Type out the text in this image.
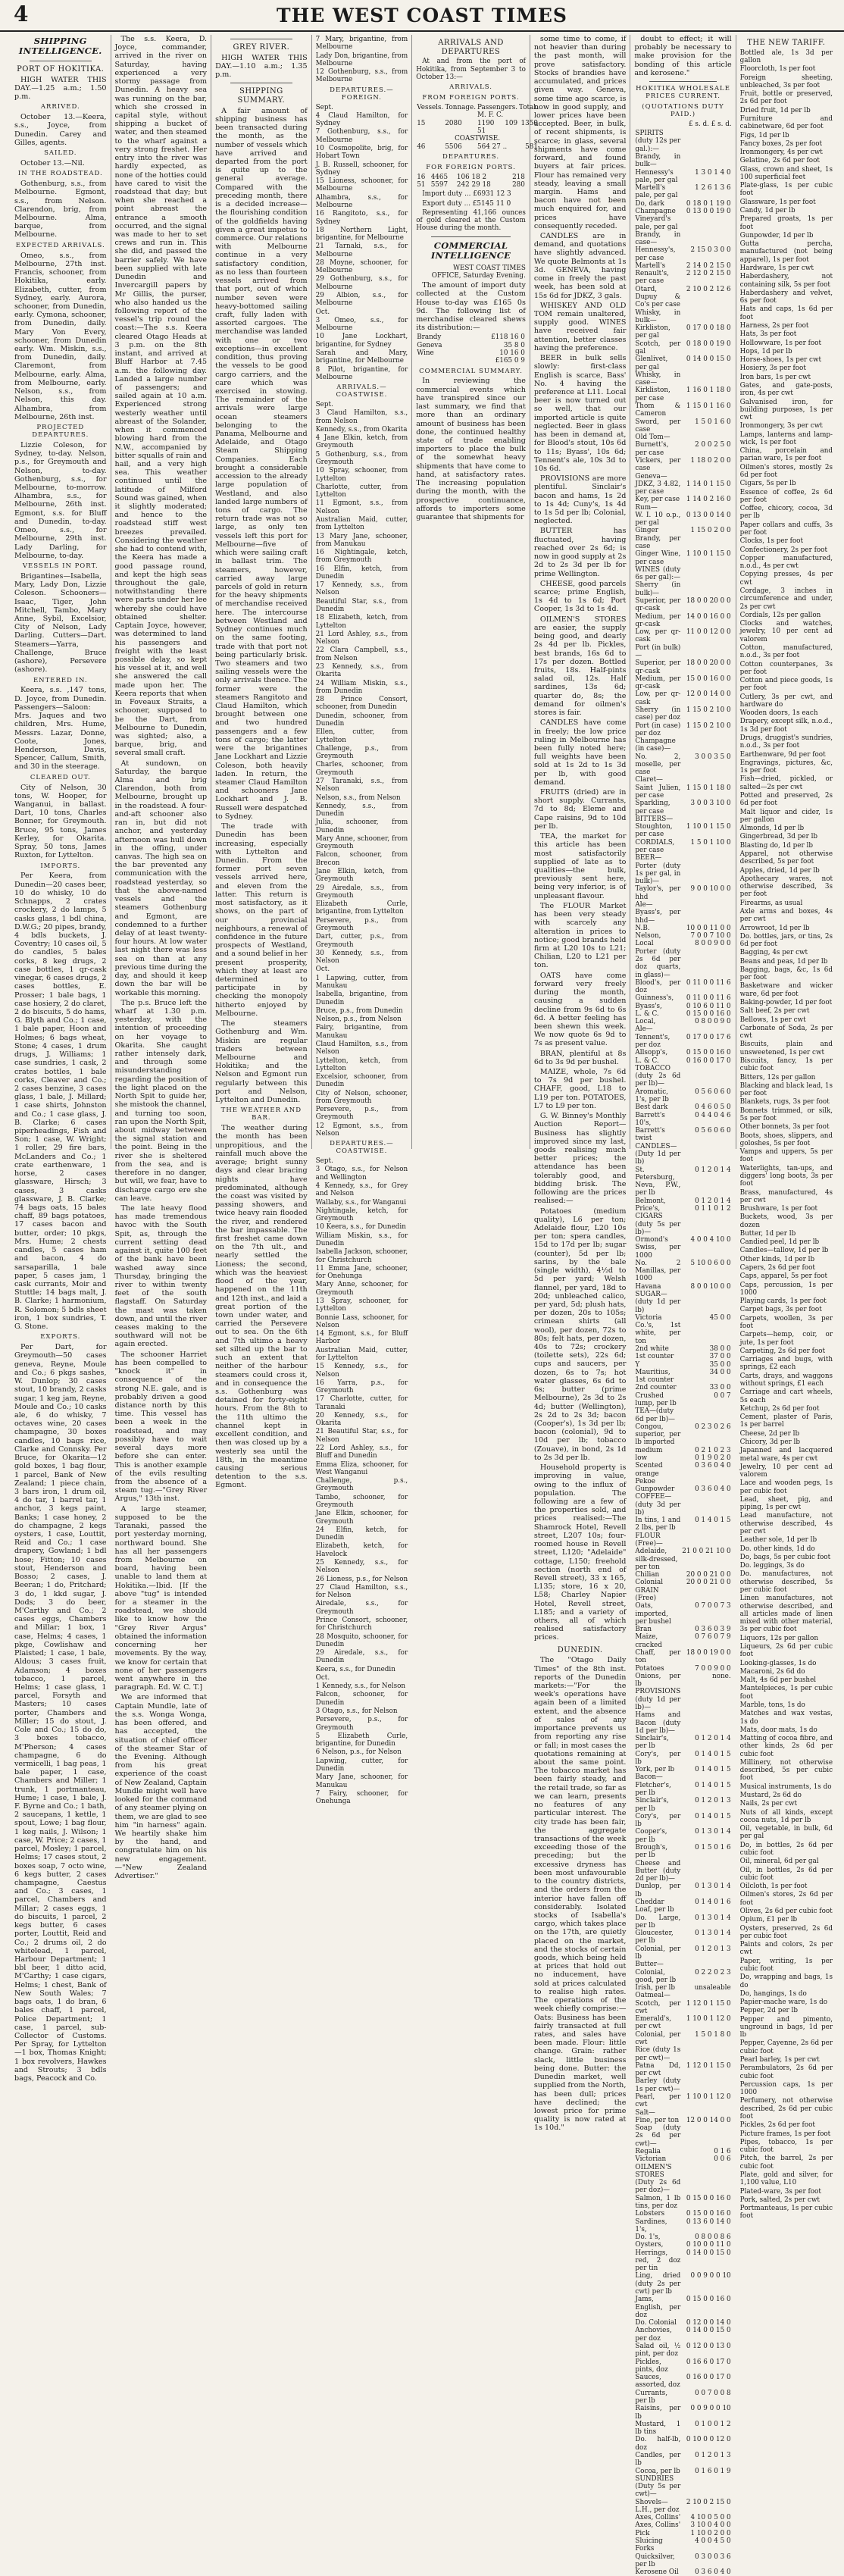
4	THE WEST COAST TIMES
SHIPPING INTELLIGENCE.
PORT OF HOKITIKA.

HIGH WATER THIS DAY.—1.25 a.m.; 1.50 p.m.

ARRIVED.

October 13.—Keera, s.s., Joyce, from Dunedin. Carey and Gilles, agents.

SAILED.

October 13.—Nil.

IN THE ROADSTEAD.

Gothenburg, s.s., from Melbourne. Egmont, s.s., from Nelson. Clarendon, brig, from Melbourne. Alma, barque, from Melbourne.

EXPECTED ARRIVALS.

Omeo, s.s., from Melbourne, 27th inst. Francis, schooner, from Hokitika, early. Elizabeth, cutter, from Sydney, early. Aurora, schooner, from Dunedin, early. Cymona, schooner, from Dunedin, daily. Mary Von Every, schooner, from Dunedin early. Wm. Miskin, s.s., from Dunedin, daily. Claremont, from Melbourne, early. Alma, from Melbourne, early. Nelson, s.s., from Nelson, this day. Alhambra, from Melbourne, 26th inst.

PROJECTED DEPARTURES.

Lizzie Coleson, for Sydney, to-day. Nelson, p.s., for Greymouth and Nelson, to-day. Gothenburg, s.s., for Melbourne, to-morrow. Alhambra, s.s., for Melbourne, 26th inst. Egmont, s.s. for Bluff and Dunedin, to-day. Omeo, s.s., for Melbourne, 29th inst. Lady Darling, for Melbourne, to-day.

VESSELS IN PORT.

Brigantines—Isabella, Mary, Lady Don, Lizzie Coleson. Schooners—Isaac, Tiger, John Mitchell, Tambo, Mary Anne, Sybil, Excelsior, City of Nelson, Lady Darling. Cutters—Dart. Steamers—Yarra, Challenge, Bruce (ashore), Persevere (ashore).

ENTERED IN.

Keera, s.s. ,147 tons, D. Joyce, from Dunedin. Passengers—Saloon: Mrs. Jaques and two children, Mrs. Hume, Messrs. Lazar, Donne, Coote, Jones, Henderson, Davis, Spencer, Callum, Smith, and 30 in the steerage.

CLEARED OUT.

City of Nelson, 30 tons, W. Hooper, for Wanganui, in ballast. Dart, 10 tons, Charles Bonner, for Greymouth. Bruce, 95 tons, James Kerley, for Okarita. Spray, 50 tons, James Ruxton, for Lyttelton.

IMPORTS.

Per Keera, from Dunedin—20 cases beer, 10 do whisky, 10 do Schnapps, 2 crates crockery, 2 do lamps, 5 casks glass, 1 bdl china, D.W.G.; 20 pipes, brandy, 4 bdls buckets, J. Coventry; 10 cases oil, 5 do candles, 5 bales corks, 8 keg drugs, 2 case bottles, 1 qr-cask vinegar, 6 cases drugs, 2 cases bottles, E. Prosser; 1 bale bags, 1 case hosiery, 2 do claret, 2 do biscuits, 5 do hams, G. Blyth and Co.; 1 case, 1 bale paper, Hoon and Holmes; 6 bags wheat, Stone; 4 cases, 1 drum drugs, J. Williams; 1 case sundries, 1 cask, 2 crates bottles, 1 bale corks, Cleaver and Co.; 2 cases benzine, 3 cases glass, 1 bale, J. Millard; 1 case shirts, Johnston and Co.; 1 case glass, J. B. Clarke; 6 cases piperheadings, Fish and Son; 1 case, W. Wright; 1 roller, 29 fire bars, McLanders and Co.; 1 crate earthenware, 1 horse, 2 cases glassware, Hirsch; 3 cases, 3 casks glassware, J. B. Clarke; 74 bags oats, 15 bales chaff, 89 bags potatoes, 17 cases bacon and butter, order; 10 pkgs, Mrs. Hume; 2 chests candles, 5 cases ham and bacon, 4 do sarsaparilla, 1 bale paper, 5 cases jam, 1 cask currants, Moir and Stuttle; 14 bags malt, J. B. Clarke; 1 harmonium, R. Solomon; 5 bdls sheet iron, 1 box sundries, T. G. Stone.

EXPORTS.

Per Dart, for Greymouth—50 cases geneva, Reyne, Moule and Co.; 6 pkgs sashes, W. Dunlop; 30 cases stout, 10 brandy, 2 casks sugar, 1 keg jam, Reyne, Moule and Co.; 10 casks ale, 6 do whisky, 7 octaves wine, 20 cases champagne, 30 boxes candles, 10 bags rice, Clarke and Connsky. Per Bruce, for Okarita—12 gold boxes, 1 bag flour, 1 parcel, Bank of New Zealand; 1 piece chain, 3 bars iron, 1 drum oil, 4 do tar, 1 barrel tar, 1 anchor, 3 kegs paint, Banks; 1 case honey, 2 do champagne, 2 kegs oysters, 1 case, Louttit, Reid and Co.; 1 case drapery, Gowland; 1 bdl hose; Fitton; 10 cases stout, Henderson and Bosso; 2 cases, J. Beeran; 1 do, Pritchard; 3 do, 1 kkd sugar, J. Dods; 3 do beer, M'Carthy and Co.; 2 cases eggs, Chambers and Millar; 1 box, 1 case, Helms; 4 cases, 1 pkge, Cowlishaw and Plaisted; 1 case, 1 bale, Aldous; 3 cases fruit, Adamson; 4 boxes tobacco, 1 parcel, Helms; 1 case glass, 1 parcel, Forsyth and Masters; 10 cases porter, Chambers and Miller; 15 do stout, J. Cole and Co.; 15 do do, 3 boxes tobacco, M'Pherson; 4 cases champagne, 6 do vermicelli, 1 bag peas, 1 bale paper, 1 case, Chambers and Miller; 1 trunk, 1 portmanteau, Hume; 1 case, 1 bale, J. F. Byrne and Co.; 1 bath, 2 saucepans, 1 kettle, 1 spout, Lowe; 1 bag flour, 1 keg nails, J. Wilson; 1 case, W. Price; 2 cases, 1 parcel, Mosley; 1 parcel, Helms; 17 cases stout, 2 boxes soap, 7 octo wine, 6 kegs butter, 2 cases champagne, Caestus and Co.; 3 cases, 1 parcel, Chambers and Millar; 2 cases eggs, 1 do biscuits, 1 parcel, 2 kegs butter, 6 cases porter, Louttit, Reid and Co.; 2 drums oil, 2 do whitelead, 1 parcel, Harbour Department; 1 bbl beer, 1 ditto acid, M'Carthy; 1 case cigars, Helms; 1 chest, Bank of New South Wales; 7 bags oats, 1 do bran, 6 bales chaff, 1 parcel, Police Department; 1 case, 1 parcel, sub-Collector of Customs. Per Spray, for Lyttelton—1 box, Thomas Knight; 1 box revolvers, Hawkes and Strouts; 3 bdls bags, Peacock and Co.

The s.s. Keera, D. Joyce, commander, arrived in the river on Saturday, having experienced a very stormy passage from Dunedin. A heavy sea was running on the bar, which she crossed in capital style, without shipping a bucket of water, and then steamed to the wharf against a very strong freshet. Her entry into the river was hardly expected, as none of the hotties could have cared to visit the roadstead that day; but when she reached a point abreast the entrance a smooth occurred, and the signal was made to her to set crews and run in. This she did, and passed the barrier safely. We have been supplied with late Dunedin and Invercargill papers by Mr Gillis, the purser, who also handed us the following report of the vessel's trip round the coast:—The s.s. Keera cleared Otago Heads at 3 p.m. on the 8th instant, and arrived at Bluff Harbor at 7.45 a.m. the following day. Landed a large number of passengers; and sailed again at 10 a.m. Experienced strong westerly weather until abreast of the Solander, when it commenced blowing hard from the N.W., accompanied by bitter squalls of rain and hail, and a very high sea. This weather continued until the latitude of Milford Sound was gained, when it slightly moderated; and hence to the roadstead stiff west breezes prevailed. Considering the weather she had to contend with, the Keera has made a good passage round, and kept the high seas throughout the gale, notwithstanding there were parts under her lee whereby she could have obtained shelter. Captain Joyce, however, was determined to land his passengers and freight with the least possible delay, so kept his vessel at it, and well she answered the call made upon her. The Keera reports that when in Foveaux Straits, a schooner, supposed to be the Dart, from Melbourne to Dunedin, was sighted; also, a barque, brig, and several small craft.

At sundown, on Saturday, the barque Alma and brig Clarendon, both from Melbourne, brought up in the roadstead. A four-and-aft schooner also ran in, but did not anchor, and yesterday afternoon was hull down in the offing, under canvas. The high sea on the bar prevented any communication with the roadstead yesterday, so that the above-named vessels and the steamers Gothenburg and Egmont, are condemned to a further delay of at least twenty-four hours. At low water last night there was less sea on than at any previous time during the day, and should it keep down the bar will be workable this morning.

The p.s. Bruce left the wharf at 1.30 p.m. yesterday, with the intention of proceeding on her voyage to Okarita. She caught rather intensely dark, and through some misunderstanding regarding the position of the light placed on the North Spit to guide her, she mistook the channel, and turning too soon, ran upon the North Spit, about midway between the signal station and the point. Being in the river she is sheltered from the sea, and is therefore in no danger, but will, we fear, have to discharge cargo ere she can leave.

The late heavy flood has made tremendous havoc with the South Spit, as, through the current setting dead against it, quite 100 feet of the bank have been washed away since Thursday, bringing the river to within twenty feet of the south flagstaff. On Saturday the mast was taken down, and until the river ceases making to the southward will not be again erected.

The schooner Harriet has been compelled to "knock it" in consequence of the strong N.E. gale, and is probably driven a good distance north by this time. This vessel has been a week in the roadstead, and may possibly have to wait several days more before she can enter. This is another example of the evils resulting from the absence of a steam tug.—"Grey River Argus," 13th inst.

A large steamer, supposed to be the Taranaki, passed the port yesterday morning, northward bound. She has all her passengers from Melbourne on board, having been unable to land them at Hokitika.—Ibid. [If the above "tug" is intended for a steamer in the roadstead, we should like to know how the "Grey River Argus" obtained the information concerning her movements. By the way, we know for certain that none of her passengers went anywhere in the paragraph. Ed. W. C. T.]

We are informed that Captain Mundle, late of the s.s. Wonga Wonga, has been offered, and has accepted, the situation of chief officer of the steamer Star of the Evening. Although from his great experience of the coast of New Zealand, Captain Mundle might well have looked for the command of any steamer plying on them, we are glad to see him "in harness" again. We heartily shake him by the hand, and congratulate him on his new engagement.—"New Zealand Advertiser."

GREY RIVER.

HIGH WATER THIS DAY.—1.10 a.m.; 1.35 p.m.

SHIPPING SUMMARY.

A fair amount of shipping business has been transacted during the month, as the number of vessels which have arrived and departed from the port is quite up to the general average. Compared with the preceding month, there is a decided increase—the flourishing condition of the goldfields having given a great impetus to commerce. Our relations with Melbourne continue in a very satisfactory condition, as no less than fourteen vessels arrived from that port, out of which number seven were heavy-bottomed sailing craft, fully laden with assorted cargoes. The merchandise was landed with one or two exceptions—in excellent condition, thus proving the vessels to be good cargo carriers, and the care which was exercised in stowing. The remainder of the arrivals were large ocean steamers belonging to the Panama, Melbourne and Adelaide, and Otago Steam Shipping Companies. Each brought a considerable accession to the already large population of Westland, and also landed large numbers of tons of cargo. The return trade was not so large, as only ten vessels left this port for Melbourne—five of which were sailing craft in ballast trim. The steamers, however, carried away large parcels of gold in return for the heavy shipments of merchandise received here. The intercourse between Westland and Sydney continues much on the same footing, trade with that port not being particularly brisk. Two steamers and two sailing vessels were the only arrivals thence. The former were the steamers Rangitoto and Claud Hamilton, which brought between one and two hundred passengers and a few tons of cargo; the latter were the brigantines Jane Lockhart and Lizzie Coleson, both heavily laden. In return, the steamer Claud Hamilton and schooners Jane Lockhart and J. B. Russell were despatched to Sydney.

The trade with Dunedin has been increasing, especially with Lyttelton and Dunedin. From the former port seven vessels arrived here, and eleven from the latter. This return is most satisfactory, as it shows, on the part of our provincial neighbours, a renewal of confidence in the future prospects of Westland, and a sound belief in her present prosperity, which they at least are determined to participate in by checking the monopoly hitherto enjoyed by Melbourne.

The steamers Gothenburg and Wm. Miskin are regular traders between Melbourne and Hokitika; and the Nelson and Egmont run regularly between this port and Nelson, Lyttelton and Dunedin.

THE WEATHER AND BAR.

The weather during the month has been unpropitious, and the rainfall much above the average; bright sunny days and clear bracing nights have predominated, although the coast was visited by passing showers, and twice heavy rain flooded the river, and rendered the bar impassable. The first freshet came down on the 7th ult., and nearly settled the Lioness; the second, which was the heaviest flood of the year, happened on the 11th and 12th inst., and laid a great portion of the town under water, and carried the Persevere out to sea. On the 6th and 7th ultimo a heavy set silted up the bar to such an extent that neither of the harbour steamers could cross it, and in consequence the s.s. Gothenburg was detained for forty-eight hours. From the 8th to the 11th ultimo the channel kept in excellent condition, and then was closed up by a westerly sea until the 18th, in the meantime causing serious detention to the s.s. Egmont.

7 Mary, brigantine, from Melbourne
Lady Don, brigantine, from Melbourne
12 Gothenburg, s.s., from Melbourne
DEPARTURES.—FOREIGN.
Sept.
4 Claud Hamilton, for Sydney
7 Gothenburg, s.s., for Melbourne
10 Cosmopolite, brig, for Hobart Town
J. B. Russell, schooner, for Sydney
15 Lioness, schooner, for Melbourne
Alhambra, s.s., for Melbourne
16 Rangitoto, s.s., for Sydney
18 Northern Light, brigantine, for Melbourne
21 Tarnaki, s.s., for Melbourne
28 Moyne, schooner, for Melbourne
29 Gothenburg, s.s., for Melbourne
29 Albion, s.s., for Melbourne
Oct.
3 Omeo, s.s., for Melbourne
10 Jane Lockhart, brigantine, for Sydney
Sarah and Mary, brigantine, for Melbourne
8 Pilot, brigantine, for Melbourne
ARRIVALS.—COASTWISE.
Sept.
3 Claud Hamilton, s.s., from Nelson
Kennedy, s.s., from Okarita
4 Jane Elkin, ketch, from Greymouth
5 Gothenburg, s.s., from Greymouth
10 Spray, schooner, from Lyttelton
Charlotte, cutter, from Lyttelton
11 Egmont, s.s., from Nelson
Australian Maid, cutter, from Lyttelton
13 Mary Jane, schooner, from Manukau
16 Nightingale, ketch, from Greymouth
16 Elfin, ketch, from Dunedin
17 Kennedy, s.s., from Nelson
Beautiful Star, s.s., from Dunedin
18 Elizabeth, ketch, from Lyttelton
21 Lord Ashley, s.s., from Nelson
22 Clara Campbell, s.s., from Nelson
23 Kennedy, s.s., from Okarita
24 William Miskin, s.s., from Dunedin
28 Prince Consort, schooner, from Dunedin
Dunedin, schooner, from Dunedin
Ellen, cutter, from Lyttelton
Challenge, p.s., from Greymouth
Charles, schooner, from Greymouth
27 Taranaki, s.s., from Nelson
Nelson, s.s., from Nelson
Kennedy, s.s., from Dunedin
Julia, schooner, from Dunedin
Mary Anne, schooner, from Greymouth
Falcon, schooner, from Brecon
Jane Elkin, ketch, from Greymouth
29 Airedale, s.s., from Greymouth
Elizabeth Curle, brigantine, from Lyttelton
Persevere, p.s., from Greymouth
Dart, cutter, p.s., from Greymouth
30 Kennedy, s.s., from Nelson
Oct.
1 Lapwing, cutter, from Manukau
Isabella, brigantine, from Dunedin
Bruce, p.s., from Dunedin
Nelson, p.s., from Nelson
Fairy, brigantine, from Manukau
Claud Hamilton, s.s., from Nelson
Lyttelton, ketch, from Lyttelton
Excelsior, schooner, from Dunedin
City of Nelson, schooner, from Greymouth
Persevere, p.s., from Greymouth
12 Egmont, s.s., from Nelson
DEPARTURES.—COASTWISE.
Sept.
3 Otago, s.s., for Nelson and Wellington
4 Kennedy, s.s., for Grey and Nelson
Wallaby, s.s., for Wanganui
Nightingale, ketch, for Greymouth
10 Keera, s.s., for Dunedin
William Miskin, s.s., for Dunedin
Isabella Jackson, schooner, for Christchurch
11 Emma Jane, schooner, for Onehunga
Mary Anne, schooner, for Greymouth
13 Spray, schooner, for Lyttelton
Bonnie Lass, schooner, for Nelson
14 Egmont, s.s., for Bluff Harbor
Australian Maid, cutter, for Lyttelton
15 Kennedy, s.s., for Nelson
16 Yarra, p.s., for Greymouth
17 Charlotte, cutter, for Taranaki
20 Kennedy, s.s., for Okarita
21 Beautiful Star, s.s., for Nelson
22 Lord Ashley, s.s., for Bluff and Dunedin
Emma Eliza, schooner, for West Wanganui
Challenge, p.s., Greymouth
Tambo, schooner, for Greymouth
Jane Elkin, schooner, for Greymouth
24 Elfin, ketch, for Dunedin
Elizabeth, ketch, for Havelock
25 Kennedy, s.s., for Nelson
26 Lioness, p.s., for Nelson
27 Claud Hamilton, s.s., for Nelson
Airedale, s.s., for Greymouth
Prince Consort, schooner, for Christchurch
28 Mosquito, schooner, for Dunedin
29 Airedale, s.s., for Dunedin
Keera, s.s., for Dunedin
Oct.
1 Kennedy, s.s., for Nelson
Falcon, schooner, for Dunedin
3 Otago, s.s., for Nelson
Persevere, p.s., for Greymouth
5 Elizabeth Curle, brigantine, for Dunedin
6 Nelson, p.s., for Nelson
Lapwing, cutter, for Dunedin
Mary Jane, schooner, for Manukau
7 Fairy, schooner, for Onehunga
ARRIVALS AND DEPARTURES

At and from the port of Hokitika, from September 3 to October 13:—

ARRIVALS.
FROM FOREIGN PORTS.
Vessels.	Tonnage.	Passengers. M. F. C.	Total.
15	2080	1190 109 51	1350
COASTWISE.			
46	5506	564 27 ..	581
DEPARTURES.
FOR FOREIGN PORTS.
16	4465	106 18 2	218
51	5597	242 29 18	280

Import duty ... £6931 12 3

Export duty ... £5145 11 0

Representing 41,166 ounces of gold cleared at the Custom House during the month.

COMMERCIAL INTELLIGENCE

WEST COAST TIMES OFFICE, Saturday Evening.

The amount of import duty collected at the Custom House to-day was £165 0s 9d. The following list of merchandise cleared shews its distribution:—

Brandy	£118 16 0
Geneva	35 8 0
Wine	10 16 0
	£165 0 9
COMMERCIAL SUMMARY.

In reviewing the commercial events which have transpired since our last summary, we find that more than an ordinary amount of business has been done, the continued healthy state of trade enabling importers to place the bulk of the somewhat heavy shipments that have come to hand, at satisfactory rates. The increasing population during the month, with the prospective continuance, affords to importers some guarantee that shipments for

some time to come, if not heavier than during the past month, will prove satisfactory. Stocks of brandies have accumulated, and prices given way. Geneva, some time ago scarce, is now in good supply, and lower prices have been accepted. Beer, in bulk, of recent shipments, is scarce; in glass, several shipments have come forward, and found buyers at fair prices. Flour has remained very steady, leaving a small margin. Hams and bacon have not been much enquired for, and prices have consequently receded.

CANDLES are in demand, and quotations have slightly advanced. We quote Belmonts at 1s 3d. GENEVA, having come in freely the past week, has been sold at 15s 6d for JDKZ, 3 gals.

WHISKEY AND OLD TOM remain unaltered, supply good. WINES have received fair attention, better classes having the preference.

BEER in bulk sells slowly: first-class English is scarce, Bass' No. 4 having the preference at L11. Local beer is now turned out so well, that our imported article is quite neglected. Beer in glass has been in demand at, for Blood's stout, 10s 6d to 11s; Byass', 10s 6d; Tennent's ale, 10s 3d to 10s 6d.

PROVISIONS are more plentiful. Sinclair's bacon and hams, 1s 2d to 1s 4d; Cuny's, 1s 4d to 1s 5d per lb; Colonial, neglected.

BUTTER has fluctuated, having reached over 2s 6d; is now in good supply at 2s 2d to 2s 3d per lb for prime Wellington.

CHEESE, good parcels scarce; prime English, 1s 4d to 1s 6d; Port Cooper, 1s 3d to 1s 4d.

OILMEN'S STORES are easier, the supply being good, and dearly 2s 4d per lb. Pickles, best brands, 16s 6d to 17s per dozen. Bottled fruits, 18s. Half-pints salad oil, 12s. Half sardines, 13s 6d; quarter do, 8s; the demand for oilmen's stores is fair.

CANDLES have come in freely; the low price ruling in Melbourne has been fully noted here; full weights have been sold at 1s 2d to 1s 3d per lb, with good demand.

FRUITS (dried) are in short supply. Currants, 7d to 8d; Eleme and Cape raisins, 9d to 10d per lb.

TEA, the market for this article has been most satisfactorily supplied of late as to qualities—the bulk, previously sent here, being very inferior, is of unpleasant flavour.

The FLOUR Market has been very steady with scarcely any alteration in prices to notice; good brands held firm at L20 10s to L21; Chilian, L20 to L21 per ton.

OATS have come forward very freely during the month, causing a sudden decline from 9s 6d to 6s 6d. A better feeling has been shewn this week. We now quote 6s 9d to 7s as present value.

BRAN, plentiful at 8s 6d to 3s 9d per bushel.

MAIZE, whole, 7s 6d to 7s 9d per bushel. CHAFF, good, L18 to L19 per ton. POTATOES, L7 to L9 per ton.

G. W. Binney's Monthly Auction Report—Business has slightly improved since my last, goods realising much better prices; the attendance has been tolerably good, and bidding brisk. The following are the prices realised:—

Potatoes (medium quality), L6 per ton; Adelaide flour, L20 10s per ton; spera candles, 15d to 17d per lb; sugar (counter), 5d per lb; sarins, by the bale (single width), 4½d to 5d per yard; Welsh flannel, per yard, 18d to 20d; unbleached calico, per yard, 5d; plush hats, per dozen, 20s to 105s; crimean shirts (all wool), per dozen, 72s to 80s; felt hats, per dozen, 40s to 72s; crockery (toilette sets), 22s 6d; cups and saucers, per dozen, 6s to 7s; hot water glasses, 6s 6d to 6s; butter (prime Melbourne), 2s 3d to 2s 4d; butter (Wellington), 2s 2d to 2s 3d; bacon (Cooper's), 1s 3d per lb; bacon (colonial), 9d to 10d per lb; tobacco (Zouave), in bond, 2s 1d to 2s 3d per lb.

Household property is improving in value, owing to the influx of population. The following are a few of the properties sold, and prices realised:—The Shamrock Hotel, Revell street, L207 10s; four-roomed house in Revell street, L120; "Adelaide" cottage, L150; freehold section (north end of Revell street), 33 x 165, L135; store, 16 x 20, L58; Charley Napier Hotel, Revell street, L185; and a variety of others, all of which realised satisfactory prices.

DUNEDIN.

The "Otago Daily Times" of the 8th inst. reports of the Dunedin markets:—"For the week's operations have again been of a limited extent, and the absence of sales of any importance prevents us from reporting any rise or fall; in most cases the quotations remaining at about the same point. The tobacco market has been fairly steady, and the retail trade, so far as we can learn, presents no features of any particular interest. The city trade has been fair, the aggregate transactions of the week exceeding those of the preceding; but the excessive dryness has been most unfavourable to the country districts, and the orders from the interior have fallen off considerably. Isolated stocks of Isabella's cargo, which takes place on the 17th, are quietly placed on the market, and the stocks of certain goods, which being held at prices that hold out no inducement, have sold at prices calculated to realise high rates. The operations of the week chiefly comprise:— Oats: Business has been fairly transacted at full rates, and sales have been made. Flour: little change. Grain: rather slack, little business being done. Butter: the Dunedin market, well supplied from the North, has been dull; prices have declined; the lowest price for prime quality is now rated at 1s 10d."

doubt to effect; it will probably be necessary to make provision for the bonding of this article and kerosene."

HOKITIKA WHOLESALE PRICES CURRENT.
(QUOTATIONS DUTY PAID.)
£ s. d. £ s. d.
SPIRITS (duty 12s per gal.):—	
Brandy, in bulk—	
Hennessy's pale, per gal	1 3 0 1 4 0
Martell's pale, per gal	1 2 6 1 3 6
Do, dark	0 18 0 1 19 0
Champagne Vineyard's pale, per gal	0 13 0 0 19 0
Brandy, in case—	
Hennessy's, per case	2 15 0 3 0 0
Martell's	2 14 0 2 15 0
Renault's, per case	2 12 0 2 15 0
Otard, Dupuy & Co's per case	2 10 0 2 12 6
Whisky, in bulk—	
Kirkliston, per gal	0 17 0 0 18 0
Scotch, per gal	0 18 0 0 19 0
Glenlivet, per gal	0 14 0 0 15 0
Whisky, in case—	
Kirkliston, per case	1 16 0 1 18 0
Thom & Cameron	1 15 0 1 16 0
Sword, per case	1 5 0 1 6 0
Old Tom—	
Burnett's, per case	2 0 0 2 5 0
Vickers, per case	1 18 0 2 0 0
Geneva—	
JDKZ, 3 4.82, per case	1 14 0 1 15 0
Key, per case	1 14 0 2 16 0
Rum—	
W. I. 10 o.p., per gal	0 13 0 0 14 0
Ginger Brandy, per case	1 15 0 2 0 0
Ginger Wine, per case	1 10 0 1 15 0
WINES (duty 6s per gal):—	
Sherry (in bulk)—	
Superior, per qr-cask	18 0 0 20 0 0
Medium, per qr-cask	14 0 0 16 0 0
Low, per qr-cask	11 0 0 12 0 0
Port (in bulk)—	
Superior, per qr-cask	18 0 0 20 0 0
Medium, per qr-cask	15 0 0 16 0 0
Low, per qr-cask	12 0 0 14 0 0
Sherry (in case) per doz	1 15 0 2 10 0
Port (in case) per doz	1 15 0 2 10 0
Champagne (in case)—	
No. 2, moselle, per case	3 0 0 3 5 0
Claret—	
Saint Julien, per case	1 15 0 1 18 0
Sparkling, per case	3 0 0 3 10 0
BITTERS—	
Stoughton, per case	1 10 0 1 15 0
CORDIALS, per case	1 5 0 1 10 0
BEER—	
Porter (duty 1s per gal, in bulk)—	
Taylor's, per hhd	9 0 0 10 0 0
Ale—	
Byass's, per hhd—	
N.B.	10 0 0 11 0 0
Nelson,	7 0 0 7 10 0
Local	8 0 0 9 0 0
Porter (duty 2s 6d per doz quarts, in glass)—	
Blood's, per doz	0 11 0 0 11 6
Guinness's,	0 11 0 0 11 6
Byass's,	0 10 6 0 11 0
L. & C.	0 15 0 0 16 0
Local,	0 8 0 0 9 0
Ale—	
Tennent's, per doz	0 17 0 0 17 6
Allsopp's,	0 15 0 0 16 0
L. & C.	0 16 0 0 17 0
TOBACCO (duty 2s 6d per lb)—	
Aromatic, 1's, per lb	0 5 6 0 6 0
Best dark	0 4 6 0 5 0
Barrett's 10's,	0 4 4 0 4 6
Barrett's twist	0 5 6 0 6 0
CANDLES—(Duty 1d per lb)	
St. Petersburg, Neva, P.W., per lb	0 1 2 0 1 4
Belmont,	0 1 2 0 1 4
Price's,	0 1 1 0 1 2
CIGARS (duty 5s per lb)—	
Ormond's Swiss, per 1000	4 0 0 4 10 0
No. 2 Manillas, per 1000	5 10 0 6 0 0
Havana	8 0 0 10 0 0
SUGAR—(duty 1d per lb)	
Victoria Co.'s, 1st white, per ton	45 0 0
2nd white	38 0 0
1st counter	37 0 0
Y	35 0 0
Mauritius, 1st counter	34 0 0
2nd counter	33 0 0
Crushed lump, per lb	0 0 7
TEA—(duty 6d per lb)—	
Congou, superior, per lb imported	0 2 3 0 2 6
medium	0 2 1 0 2 3
low	0 1 9 0 2 0
Scented orange Pekoe	0 3 6 0 4 0
Gunpowder	0 3 6 0 4 0
COFFEE—(duty 3d per lb)	
In tins, 1 and 2 lbs, per lb	0 1 4 0 1 5
FLOUR (Free)—	
Adelaide, silk-dressed, per ton	21 0 0 21 10 0
Chilian	20 0 0 21 0 0
Colonial	20 0 0 21 0 0
GRAIN (Free)	
Oats, imported, per bushel	0 7 0 0 7 3
Bran	0 3 6 0 3 9
Maize, cracked	0 7 6 0 7 9
Chaff, per ton	18 0 0 19 0 0
Potatoes	7 0 0 9 0 0
Onions, per lb	none.
PROVISIONS (duty 1d per lb)—	
Hams and Bacon (duty 1d per lb)—	
Sinclair's, per lb	0 1 2 0 1 4
Cory's, per lb	0 1 4 0 1 5
York, per lb	0 1 4 0 1 5
Bacon—	
Fletcher's, per lb	0 1 4 0 1 5
Sinclair's, per lb	0 1 2 0 1 3
Cory's, per lb	0 1 4 0 1 5
Cooper's, per lb	0 1 3 0 1 4
Brough's, per lb	0 1 5 0 1 6
Cheese and Butter (duty 2d per lb)—	
Dunlop, per lb	0 1 3 0 1 4
Cheddar Loaf, per lb	0 1 4 0 1 6
Do. Large, per lb	0 1 3 0 1 4
Gloucester, per lb	0 1 3 0 1 4
Colonial, per lb	0 1 2 0 1 3
Butter—	
Colonial, good, per lb	0 2 2 0 2 3
Irish, per lb	unsaleable
Oatmeal—	
Scotch, per cwt	1 12 0 1 15 0
Emerald's, per cwt	1 10 0 1 12 0
Colonial, per cwt	1 5 0 1 8 0
Rice (duty 1s per cwt)—	
Patna Dd, per cwt	1 12 0 1 15 0
Barley (duty 1s per cwt)—	
Pearl, per cwt	1 10 0 1 12 0
Salt—	
Fine, per ton	12 0 0 14 0 0
Soap (duty 2s 6d per cwt)—	
Regalia	0 1 6
Victorian	0 0 6
OILMEN'S STORES (Duty 2s 6d per doz)—	
Salmon, 1 lb tins, per doz	0 15 0 0 16 0
Lobsters	0 15 0 0 16 0
Sardines, 1's,	0 13 6 0 14 0
Do. 1's,	0 8 0 0 8 6
Oysters,	0 10 0 0 11 0
Herrings, red, 2 doz per tin	0 14 0 0 15 0
Ling, dried (duty 2s per cwt) per lb	0 0 9 0 0 10
Jams, English, per doz	0 15 0 0 16 0
Do. Colonial	0 12 0 0 14 0
Anchovies, per doz	0 14 0 0 15 0
Salad oil, ½ pint, per doz	0 12 0 0 13 0
Pickles, pints, doz	0 16 6 0 17 0
Sauces, assorted, doz	0 16 0 0 17 0
Currants, per lb	0 0 7 0 0 8
Raisins, per lb	0 0 9 0 0 10
Mustard, 1 lb tins	0 1 0 0 1 2
Do. half-lb, doz	0 10 0 0 12 0
Candles, per lb	0 1 2 0 1 3
Cocoa, per lb	0 1 6 0 1 9
SUNDRIES (Duty 5s per cwt)—	
Shovels—L.H., per doz	2 10 0 2 15 0
Axes, Collins'	4 10 0 5 0 0
Axes, Collins'	3 10 0 4 0 0
Pick	1 10 0 2 0 0
Sluicing Forks	4 0 0 4 5 0
Quicksilver, per lb	0 3 0 0 3 6
Kerosene Oil	0 3 6 0 4 0
THE NEW TARIFF.
Bottled ale, 1s 3d per gallon
Floorcloth, 1s per foot
Foreign sheeting, unbleached, 3s per foot
Fruit, bottle or preserved, 2s 6d per foot
Dried fruit, 1d per lb
Furniture and cabinetware, 6d per foot
Figs, 1d per lb
Fancy boxes, 2s per foot
Ironmongery, 4s per cwt
Gelatine, 2s 6d per foot
Glass, crown and sheet, 1s 100 superficial feet
Plate-glass, 1s per cubic foot
Glassware, 1s per foot
Candy, 1d per lb
Prepared groats, 1s per foot
Gunpowder, 1d per lb
Gutta percha, manufactured (not being apparel), 1s per foot
Hardware, 1s per cwt
Haberdashery, not containing silk, 5s per foot
Haberdashery and velvet, 6s per foot
Hats and caps, 1s 6d per foot
Harness, 2s per foot
Hats, 3s per foot
Hollowware, 1s per foot
Hops, 1d per lb
Horse-shoes, 1s per cwt
Hosiery, 3s per foot
Iron bars, 1s per cwt
Gates, and gate-posts, iron, 4s per cwt
Galvanised iron, for building purposes, 1s per cwt
Ironmongery, 3s per cwt
Lamps, lanterns and lamp-wick, 1s per foot
China, porcelain and parian ware, 1s per foot
Oilmen's stores, mostly 2s 6d per foot
Cigars, 5s per lb
Essence of coffee, 2s 6d per foot
Coffee, chicory, cocoa, 3d per lb
Paper collars and cuffs, 3s per foot
Clocks, 1s per foot
Confectionery, 2s per foot
Copper manufactured, n.o.d., 4s per cwt
Copying presses, 4s per cwt
Cordage, 3 inches in circumference and under, 2s per cwt
Cordials, 12s per gallon
Clocks and watches, jewelry, 10 per cent ad valorem
Cotton, manufactured, n.o.d., 3s per foot
Cotton counterpanes, 3s per foot
Cotton and piece goods, 1s per foot
Cutlery, 3s per cwt, and hardware do
Wooden doors, 1s each
Drapery, except silk, n.o.d., 1s 3d per foot
Drugs, druggist's sundries, n.o.d., 3s per foot
Earthenware, 9d per foot
Engravings, pictures, &c, 1s per foot
Fish—dried, pickled, or salted—2s per cwt
Potted and preserved, 2s 6d per foot
Malt liquor and cider, 1s per gallon
Almonds, 1d per lb
Gingerbread, 3d per lb
Blasting do, 1d per lb
Apparel, not otherwise described, 5s per foot
Apples, dried, 1d per lb
Apothecary wares, not otherwise described, 3s per foot
Firearms, as usual
Axle arms and boxes, 4s per cwt
Arrowroot, 1d per lb
Do. bottles, jars, or tins, 2s 6d per foot
Bagging, 4s per cwt
Beans and peas, 1d per lb
Bagging, bags, &c, 1s 6d per foot
Basketware and wicker ware, 6d per foot
Baking-powder, 1d per foot
Salt beef, 2s per cwt
Bellows, 1s per cwt
Carbonate of Soda, 2s per cwt
Biscuits, plain and unsweetened, 1s per cwt
Biscuits, fancy, 1s per cubic foot
Bitters, 12s per gallon
Blacking and black lead, 1s per foot
Blankets, rugs, 3s per foot
Bonnets trimmed, or silk, 5s per foot
Other bonnets, 3s per foot
Boots, shoes, slippers, and goloshes, 5s per foot
Vamps and uppers, 5s per foot
Waterlights, tan-ups, and diggers' long boots, 3s per foot
Brass, manufactured, 4s per cwt
Brushware, 1s per foot
Buckets, wood, 3s per dozen
Butter, 1d per lb
Candied peel, 1d per lb
Candles—tallow, 1d per lb
Other kinds, 1d per lb
Capers, 2s 6d per foot
Caps, apparel, 5s per foot
Caps, percussion, 1s per 1000
Playing cards, 1s per foot
Carpet bags, 3s per foot
Carpets, woollen, 3s per foot
Carpets—hemp, coir, or jute, 1s per foot
Carpeting, 2s 6d per foot
Carriages and bugs, with springs, £2 each
Carts, drays, and waggons without springs, £1 each
Carriage and cart wheels, 5s each
Ketchup, 2s 6d per foot
Cement, plaster of Paris, 1s per barrel
Cheese, 2d per lb
Chicory, 3d per lb
Japanned and lacquered metal ware, 4s per cwt
Jewelry, 10 per cent ad valorem
Lace and wooden pegs, 1s per cubic foot
Lead, sheet, pig, and piping, 1s per cwt
Lead manufacture, not otherwise described, 4s per cwt
Leather sole, 1d per lb
Do. other kinds, 1d do
Do, bags, 5s per cubic foot
Do. leggings, 3s do
Do. manufactures, not otherwise described, 5s per cubic foot
Linen manufactures, not otherwise described, and all articles made of linen mixed with other material, 3s per cubic foot
Liquors, 12s per gallon
Liqueurs, 2s 6d per cubic foot
Looking-glasses, 1s do
Macaroni, 2s 6d do
Malt, 4s 6d per bushel
Mantelpieces, 1s per cubic foot
Marble, tons, 1s do
Matches and wax vestas, 1s do
Mats, door mats, 1s do
Matting of cocoa fibre, and other kinds, 2s 6d per cubic foot
Millinery, not otherwise described, 5s per cubic foot
Musical instruments, 1s do
Mustard, 2s 6d do
Nails, 2s per cwt
Nuts of all kinds, except cocoa nuts, 1d per lb
Oil, vegetable, in bulk, 6d per gal
Do, in bottles, 2s 6d per cubic foot
Oil, mineral, 6d per gal
Oil, in bottles, 2s 6d per cubic foot
Oilcloth, 1s per foot
Oilmen's stores, 2s 6d per foot
Olives, 2s 6d per cubic foot
Opium, £1 per lb
Oysters, preserved, 2s 6d per cubic foot
Paints and colors, 2s per cwt
Paper, writing, 1s per cubic foot
Do, wrapping and bags, 1s do
Do, hangings, 1s do
Papier-mache ware, 1s do
Pepper, 2d per lb
Pepper and pimento, unground in bags, 1d per lb
Pepper, Cayenne, 2s 6d per cubic foot
Pearl barley, 1s per cwt
Perambulators, 2s 6d per cubic foot
Percussion caps, 1s per 1000
Perfumery, not otherwise described, 2s 6d per cubic foot
Pickles, 2s 6d per foot
Picture frames, 1s per foot
Pipes, tobacco, 1s per cubic foot
Pitch, the barrel, 2s per cubic foot
Plate, gold and silver, for 1,100 value, L10
Plated-ware, 3s per foot
Pork, salted, 2s per cwt
Portmanteaus, 1s per cubic foot
